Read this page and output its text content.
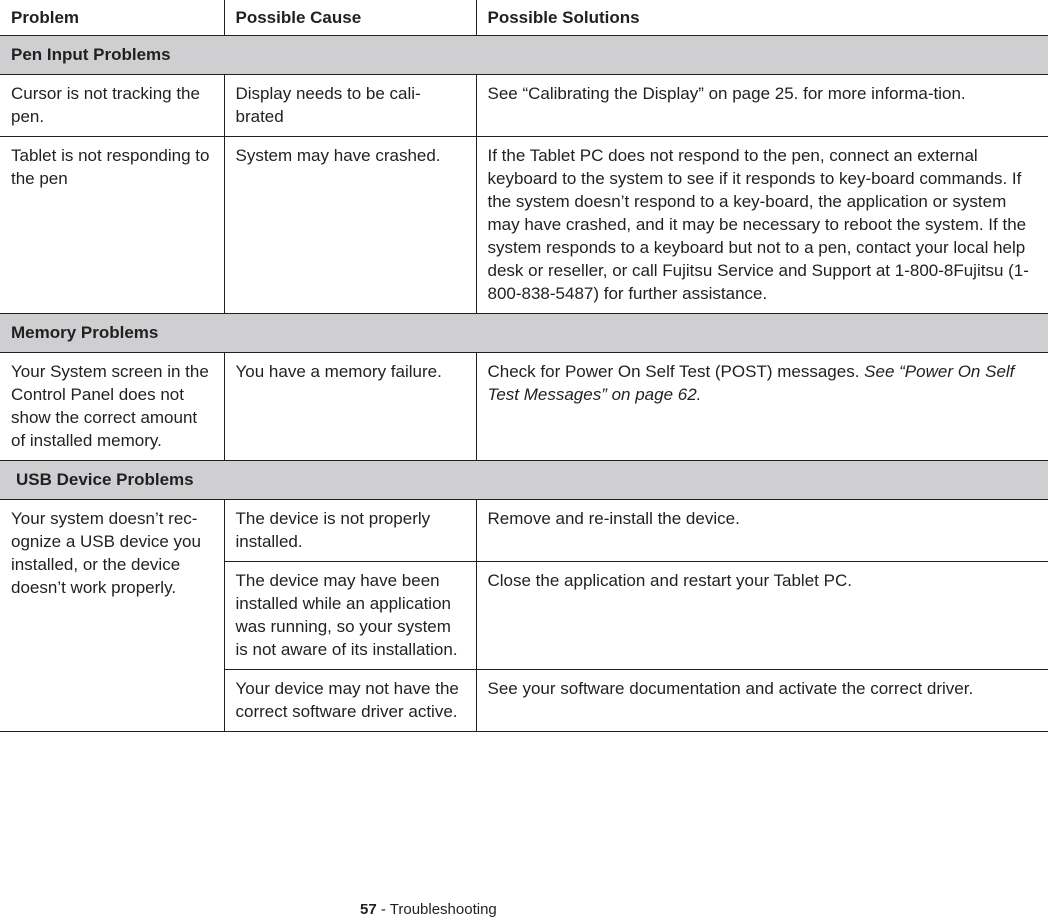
Problem	Possible Cause	Possible Solutions
Pen Input Problems		
Cursor is not tracking the pen.	Display needs to be cali-brated	See “Calibrating the Display” on page 25. for more informa-tion.
Tablet is not responding to the pen	System may have crashed.	If the Tablet PC does not respond to the pen, connect an external keyboard to the system to see if it responds to key-board commands. If the system doesn’t respond to a key-board, the application or system may have crashed, and it may be necessary to reboot the system. If the system responds to a keyboard but not to a pen, contact your local help desk or reseller, or call Fujitsu Service and Support at 1-800-8Fujitsu (1-800-838-5487) for further assistance.
Memory Problems		
Your System screen in the Control Panel does not show the correct amount of installed memory.	You have a memory failure.	Check for Power On Self Test (POST) messages. See “Power On Self Test Messages” on page 62.
USB Device Problems		
Your system doesn’t rec-ognize a USB device you installed, or the device doesn’t work properly.	The device is not properly installed.	Remove and re-install the device.
	The device may have been installed while an application was running, so your system is not aware of its installation.	Close the application and restart your Tablet PC.
	Your device may not have the correct software driver active.	See your software documentation and activate the correct driver.
57 - Troubleshooting
